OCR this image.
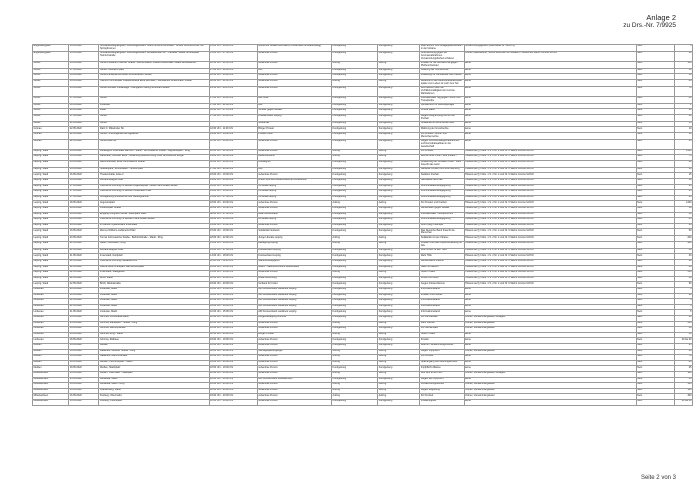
Anlage 2
zu Drs.-Nr. 7/9925
Engelsbergplatz	16.05.2022	Schwanenstieg/Engelsb. Kreuzungsbereich Obere Schönbrunnstraße - Untere Schönbrunnstr. Am Springbrunnen	15:00 Uhr - 18:00 Uhr	BÜNDNIS WIDER GRÜNEN (Ortsverband Schwanenstieg)	Kundgebung	Kundgebung	Wahl kommt zum Anlagegewerbehafen in der Ukraine	Versammlungsgesetz (Nachweise Nr. 9250 LV)	Nein	5
Engelsbergplatz	16.05.2022	Schwanenstieg/Engelsb. Kreuzungsbereich Schwanensee Str. - Harfauer Straße Schlossplatz Heinrichstraße	15:00 Uhr - 17:00 Uhr	nebenlose Person	Kundgebung	Kundgebung	Unterstützung gegen die Coronamaßnahmen Versammlungsfreiheit schützen	Ordner, Akkreditierte, Verbot Mitführen von Fackeln, Hinweis auf Sächs Corona SchVO	Nein	10
Gohlis	16.05.2022	Gohlis Fontanen / Benner Straße - Buchenhainer Straße Lindenthaler Straße Auzeleskreuz	18:30 Uhr - 20:30 Uhr	nebenlose Person	Aufzug	Aufzug	Frieden für die Grundrechte gegen Pfefferschwindel	keine	Nein	150
Gohlis	17.05.2022	Gohlis, Osterkirchplatz	17:30 Uhr - 18:30 Uhr	AfD	Kundgebung	Kundgebung	Feierung der Grundrechte	keine	Nein	10
Gohlis	16.05.2022	Gohlis Landpflanzen Ecke Schönebecker Straße	16:30 Uhr - 20:00 Uhr	nebenlose Person	Kundgebung	Kundgebung	Zulassung für Demokratie und Freiheit	keine	Nein	10
Gohlis	16.05.2022	Heinrich Kirchstraße/ Platanenstraße Ecke Berthaus - Wendekreis Lindenthaler Straße	18:00 Uhr - 21:00 Uhr	nebenlose Person	Aufzug	Aufzug	Bildersturm das Gesundheitsbewusste später zum Leben ist noch zum Teil	keine	Nein	80
Gohlis	16.05.2022	Gohlis Gohliser Parkanlage - Kleingarten Georg-Schuman-Straße	19:15 Uhr - 20:15 Uhr	nebenlose Person	Kundgebung	Kundgebung	Durchsetzen über die Verhältnismäßigkeit der Corona-Maßnahmen	keine	Nein	70
Gohlis	17.05.2022	Gohlis	17:00 Uhr - 19:00 Uhr	Die Linke	Kundgebung	Kundgebung	Internationaler Tag gegen Homo- und Transphobie	keine	Nein	50
Gohlis	20.05.2022	Lindenau	17:00 Uhr - 21:00 Uhr	AfD	Kundgebung	Kundgebung	Klimaschutz für Leistungsträger	keine	Nein	1
Gohlis	20.05.2022	Zittau	16:00 Uhr - 17:15 Uhr	Schüler gegen Gefälle	Kundgebung	Kundgebung	Critical Mass	keine	Nein	50
Gohlis	27.05.2022	Gohlis	17:30 Uhr - 20:00 Uhr	Antifaschisten Leipzig	Kundgebung	Kundgebung	Gegen Ausgrenzung und für die Freiheit	keine	Nein	40
Gohlis	31.05.2022	Gohlis		Sonderfall	Kundgebung	Kundgebung	Solidarität für die Erzieherinnen	keine	Nein	15
Grünau	22.05.2022	Ratz 3 / Mittelroder Str.	10:00 Uhr - 11:00 Uhr	Bürger Protest	Kundgebung	Kundgebung	Wahrung der Grundrechte	keine	Nein	10
Grünau	22.05.2022	Gohlis, S-Schulgarten/Schulgelände	14:00 Uhr - 16:00 Uhr	Protest Kultur	Kundgebung	Kundgebung	Für Frieden, Grund- und Menschenrechte	keine	Nein	10
Grünau	22.05.2022	Gohlis Bahnhof	16:30 Uhr - 19:00 Uhr	nebenlose Person	Kundgebung	Kundgebung	Gegen Corona-Zwangsmaßnahmen und Demokratieabbau in der Gesellschaft	keine	Nein	35
Leipzig, Stadt	16.05.2022	Dunkelgrün Innenstadt Bahnhof - Markt - Grimmaische Straße - Augustusplatz - Ring	18:00 Uhr - 21:30 Uhr	nebenlose Person	Aufzug	Aufzug	Für Frieden	Hinweis auf § 3 Abs. 1 S. 2 Nr. 2 und Nr. 6 Sächs Corona SchVO	Nein	1500
Leipzig, Stadt	16.05.2022	Ratsmarkt, Gohliser Ecke - Verleihung Auszeichnung Preis Grundrechte Bürger	19:00 Uhr - 22:00 Uhr	Aktionsbündnis	Aufzug	Aufzug	Rechte unter Kritik - eine Instanz?	Hinweis auf § 3 Abs. 1 S. 2 Nr. 2 und Nr. 6 Sächs Corona SchVO	Nein	75
Leipzig, Stadt	16.05.2022	Bahnhofstraße, Ecke Grimmaische Straße	18:00 Uhr - 19:00 Uhr	Dunkelgrün	Kundgebung	Kundgebung	Aufwertung der Sozialen Arbeit - Mehr braucht das Land	Hinweis auf § 3 Abs. 1 S. 2 Nr. 2 und Nr. 6 Sächs Corona SchVO	Nein	20
Leipzig, Stadt	16.05.2022	Straßenpark, Schlossplatz - Simsonplatz	17:00 Uhr - 20:00 Uhr	AfD	Kundgebung	Kundgebung	Nahtlose Umsicht und freie Meinung	Hinweis auf § 3 Abs. 1 S. 2 Nr. 2 und Nr. 6 Sächs Corona SchVO	Nein	10
Leipzig, Stadt	16.05.2022	Theaterstraße, Ecke 2	18:00 Uhr - 19:30 Uhr	nebenlose Person	Kundgebung	Kundgebung	Sanktion Freiheit	Hinweis auf § 3 Abs. 1 S. 2 Nr. 2 und Nr. 6 Sächs Corona SchVO	Nein	15
Leipzig, Stadt	16.05.2022	Richard-Wagner-Platz	19:00 Uhr - 20:00 Uhr	Linken und die Antifaschistischen Arbeitskreis	Kundgebung	Kundgebung	Nachlassen EINHEIT	Hinweis auf § 3 Abs. 1 S. 2 Nr. 2 und Nr. 6 Sächs Corona SchVO	Nein	10
Leipzig, Stadt	17.05.2022	Öffentliche Führung im Bereich Augustusplatz - Ecke Hans-Grade-Straße	14:00 Uhr - 16:00 Uhr	IG Metall Leipzig	Kundgebung	Kundgebung	Kommunikationsbegegnung	Hinweis auf § 3 Abs. 1 S. 2 Nr. 2 und Nr. 6 Sächs Corona SchVO	Nein	25
Leipzig, Stadt	17.05.2022	Öffentliche Führung im Bereich Lindenauer Platz	14:00 Uhr - 16:00 Uhr	IG Metall Leipzig	Kundgebung	Kundgebung	Kommunikationsbegegnung	Hinweis auf § 3 Abs. 1 S. 2 Nr. 2 und Nr. 6 Sächs Corona SchVO	Nein	25
Leipzig, Stadt	17.05.2022	Kundgebung Grundrechte und Stellungnahme	15:00 Uhr - 17:00 Uhr	IG Metall Leipzig	Kundgebung	Kundgebung	Kommunikationsbegegnung	Hinweis auf § 3 Abs. 1 S. 2 Nr. 2 und Nr. 6 Sächs Corona SchVO	Nein	25
Leipzig, Stadt	18.05.2022	Augustusplatz	18:00 Uhr - 20:00 Uhr	nebenlose Person	Aufzug	Aufzug	Für Frieden und Freiheit	Hinweis auf § 3 Abs. 1 S. 2 Nr. 2 und Nr. 6 Sächs Corona SchVO	Nein	1200
Leipzig, Stadt	18.05.2022	Lindenthaler Straße	18:00 Uhr - 18:30 Uhr	nebenlose Person	Kundgebung	Kundgebung	Gemeinsam gegen Gewalt	Hinweis auf § 3 Abs. 1 S. 2 Nr. 2 und Nr. 6 Sächs Corona SchVO	Nein	10
Leipzig, Stadt	19.05.2022	Eingang Congress Center, Seitenpark West	08:00 Uhr - 17:00 Uhr	Attac Deutschland	Kundgebung	Kundgebung	Internationaler Transportforum	Hinweis auf § 3 Abs. 1 S. 2 Nr. 2 und Nr. 6 Sächs Corona SchVO	Nein	40
Leipzig, Stadt	19.05.2022	Öffentliche Führung im Bereich Hans-Grade-Straße	09:00 Uhr - 15:00 Uhr	IG Metall Leipzig	Kundgebung	Kundgebung	Kommunikationsbegegnung	Hinweis auf § 3 Abs. 1 S. 2 Nr. 2 und Nr. 6 Sächs Corona SchVO	Nein	25
Leipzig, Stadt	19.05.2022	Im Bereich Quartierland Innenstadt	14:00 Uhr - 15:00 Uhr	nebenlose Person	Kundgebung	Kundgebung	Kein Krieg in Europa	Hinweis auf § 3 Abs. 1 S. 2 Nr. 2 und Nr. 6 Sächs Corona SchVO	Nein	20
Leipzig, Stadt	19.05.2022	Werner-Wilhelm-Liebknecht-Platz	15:00 Uhr - 19:00 Uhr	Solidarität Netzwerk	Kundgebung	Kundgebung	Das Deutsche Band braucht die Menschen	Hinweis auf § 3 Abs. 1 S. 2 Nr. 2 und Nr. 6 Sächs Corona SchVO	Nein	50
Leipzig, Stadt	20.05.2022	Tunnel Grimmaische Straße - Bahnhofstraße - Markt - Ring	18:00 Uhr - 22:00 Uhr	Junge Liberale Leipzig	Aufzug	Aufzug	Solidarität mit der Ukraine	Hinweis auf § 3 Abs. 1 S. 2 Nr. 2 und Nr. 6 Sächs Corona SchVO	Nein	200
Leipzig, Stadt	21.05.2022	Markt, Innenstadt - Ring	15:00 Uhr - 19:00 Uhr	Bewegung Leipzig	Aufzug	Aufzug	Frieden und freie Impfentscheidung für Alle	Hinweis auf § 3 Abs. 1 S. 2 Nr. 2 und Nr. 6 Sächs Corona SchVO	Nein	900
Leipzig, Stadt	21.05.2022	Richard-Wagner-Platz	14:00 Uhr - 17:00 Uhr	Kreisverband Leipzig	Kundgebung	Kundgebung	Kein Grund zu den Tisch	Hinweis auf § 3 Abs. 1 S. 2 Nr. 2 und Nr. 6 Sächs Corona SchVO	Nein	30
Leipzig, Stadt	21.05.2022	Innenstadt, Nordplatz	14:00 Uhr - 18:00 Uhr	Kreisverband Leipzig	Kundgebung	Kundgebung	Mehr Hilfe	Hinweis auf § 3 Abs. 1 S. 2 Nr. 2 und Nr. 6 Sächs Corona SchVO	Nein	30
Leipzig, Stadt	21.05.2022	Öffentliche Führung Nikolaikirchhof	11:00 Uhr - 16:00 Uhr	Naturfreundejugend	Kundgebung	Kundgebung	Gemeinsame Zukunft	Hinweis auf § 3 Abs. 1 S. 2 Nr. 2 und Nr. 6 Sächs Corona SchVO	Nein	40
Leipzig, Stadt	22.05.2022	Fläche neben Parkplatz Bahnhofsvorplatz	18:00 Uhr - 19:00 Uhr	NABU - Naturschutzbund Deutschland	Kundgebung	Kundgebung	Natur ist Zukunft	Hinweis auf § 3 Abs. 1 S. 2 Nr. 2 und Nr. 6 Sächs Corona SchVO	Nein	30
Leipzig, Stadt	22.05.2022	Innenstadt, Stadtgebiet	15:00 Uhr - 16:00 Uhr	nebenlose Person	Aufzug	Aufzug	Stiller Protest	Hinweis auf § 3 Abs. 1 S. 2 Nr. 2 und Nr. 6 Sächs Corona SchVO	Nein	350
Leipzig, Stadt	22.05.2022	Brühl, Markt	18:00 Uhr - 20:00 Uhr	Rosa Luxemburg	Kundgebung	Kundgebung	Kunst und Kultur	Hinweis auf § 3 Abs. 1 S. 2 Nr. 2 und Nr. 6 Sächs Corona SchVO	Nein	50
Leipzig, Stadt	22.05.2022	Brühl, Nikolaistraße	18:00 Uhr - 20:00 Uhr	Verband für Kultur	Kundgebung	Kundgebung	Gegen Antisemitismus	Hinweis auf § 3 Abs. 1 S. 2 Nr. 2 und Nr. 6 Sächs Corona SchVO	Nein	50
Lindenau	20.05.2022	Lindenau, Markt	10:00 Uhr - 15:00 Uhr	AfD Kreisverband Landkreis Leipzig	Kundgebung	Kundgebung	Informationsstand	keine	Nein	5
Lindenau	20.05.2022	Lindenau, Markt	16:00 Uhr - 18:00 Uhr	AfD Kreisverband Landkreis Leipzig	Kundgebung	Kundgebung	Frieden und Freiheit	keine	Nein	20
Lindenau	21.05.2022	Lindenau, Markt	10:00 Uhr - 15:00 Uhr	AfD Kreisverband Landkreis Leipzig	Kundgebung	Kundgebung	Informationsstand	keine	Nein	5
Lindenau	21.05.2022	Lindenau, Markt	10:00 Uhr - 14:00 Uhr	AfD Kreisverband Landkreis Leipzig	Kundgebung	Kundgebung	Informationsstand	keine	Nein	5
Lindenau	21.05.2022	Lindenau, Markt	10:00 Uhr - 15:00 Uhr	AfD Kreisverband Landkreis Leipzig	Kundgebung	Kundgebung	Informationsstand	keine	Nein	5
Lindenau	16.05.2022	Grimma, Kirchstraße Markt	18:00 Uhr - 20:00 Uhr	Bürgerbewegung Grimma	Kundgebung	Kundgebung	Für Demokratie	Ordner, Versammlungsleiter, Auflagen	Nein	30
Lindenau	16.05.2022	Grimma, Marktplatz - Straße - Ring	18:00 Uhr - 20:00 Uhr	nebenlose Person	Aufzug	Aufzug	Mehr Rechte	Ordner, Versammlungsleiter	Nein	300
Lindenau	16.05.2022	Grimma, Bahnhofstraße	18:00 Uhr - 19:00 Uhr	nebenlose Person	Kundgebung	Kundgebung	Für Gemeinsam	Ordner, Versammlungsleiter	Nein	50
Lindenau	16.05.2022	Grimma, Ring - Markt	18:30 Uhr - 20:00 Uhr	Bürger Protest	Aufzug	Aufzug	Stiller Protest	keine	Nein	40
Lindenau	18.05.2022	Grimma, Rathaus	18:00 Uhr - 19:00 Uhr	nebenlose Person	Kundgebung	Kundgebung	Frieden	keine	Nein	20 bis 30
Meißen	16.05.2022	Meißen	18:00 Uhr - 19:00 Uhr	nebenlose Person	Kundgebung	Kundgebung	Bitte um Versammlungsfreiheit	keine	Nein	25
Meißen	16.05.2022	Radebeul, Meißner Straße - Ring	18:00 Uhr - 20:00 Uhr	Montagsspaziergänger	Aufzug	Aufzug	Gegen Impfpflicht	Ordner, Versammlungsleiter	Nein	30
Meißen	16.05.2022	Radebeul, Bahnhofstraße	18:00 Uhr - 20:00 Uhr	nebenlose Person	Aufzug	Aufzug	Für Freiheit	keine	Nein	70
Meißen	16.05.2022	Meißen, Heinrichsplatz - Markt	18:00 Uhr - 20:00 Uhr	nebenlose Person	Aufzug	Aufzug	Spaziergang und Meinungsfreiheit	keine	Nein	80
Meißen	18.05.2022	Meißen, Marktplatz	18:00 Uhr - 19:00 Uhr	nebenlose Person	Kundgebung	Kundgebung	Impfpflicht Alliance	keine	Nein	25
Mittelsachsen	16.05.2022	Döbeln, Obermarkt - Stadtpark	18:00 Uhr - 20:00 Uhr	nebenlose Person	Aufzug	Aufzug	Wie fühlt es sich an?	Ordner, Versammlungsleiter, Auflagen	Nein	180
Mittelsachsen	16.05.2022	Mittweida, Markt	18:00 Uhr - 19:00 Uhr	AfD Kreisverband Mittelsachsen	Kundgebung	Kundgebung	Gegen die Impfpflicht	keine	Nein	50
Mittelsachsen	16.05.2022	Mittweida, Markt - Ring	18:00 Uhr - 20:00 Uhr	nebenlose Person	Aufzug	Aufzug	Versammlungsfreiheit	Ordner, Versammlungsleiter	Nein	150
Mittelsachsen	16.05.2022	Frankenberg, Markt	18:00 Uhr - 20:00 Uhr	nebenlose Person	Aufzug	Aufzug	Gegen Regierung	Ordner, Versammlungsleiter	Nein	100
Mittelsachsen	16.05.2022	Freiberg, Obermarkt	18:00 Uhr - 20:00 Uhr	nebenlose Person	Aufzug	Aufzug	Für Freiheit	Ordner, Versammlungsleiter	Nein	300
Mittelsachsen	16.05.2022	Freiberg, Petersplatz	18:00 Uhr - 19:00 Uhr	nebenlose Person	Kundgebung	Kundgebung	Friedensgebet	keine	Nein	20 bis 30
Seite 2 von 3
